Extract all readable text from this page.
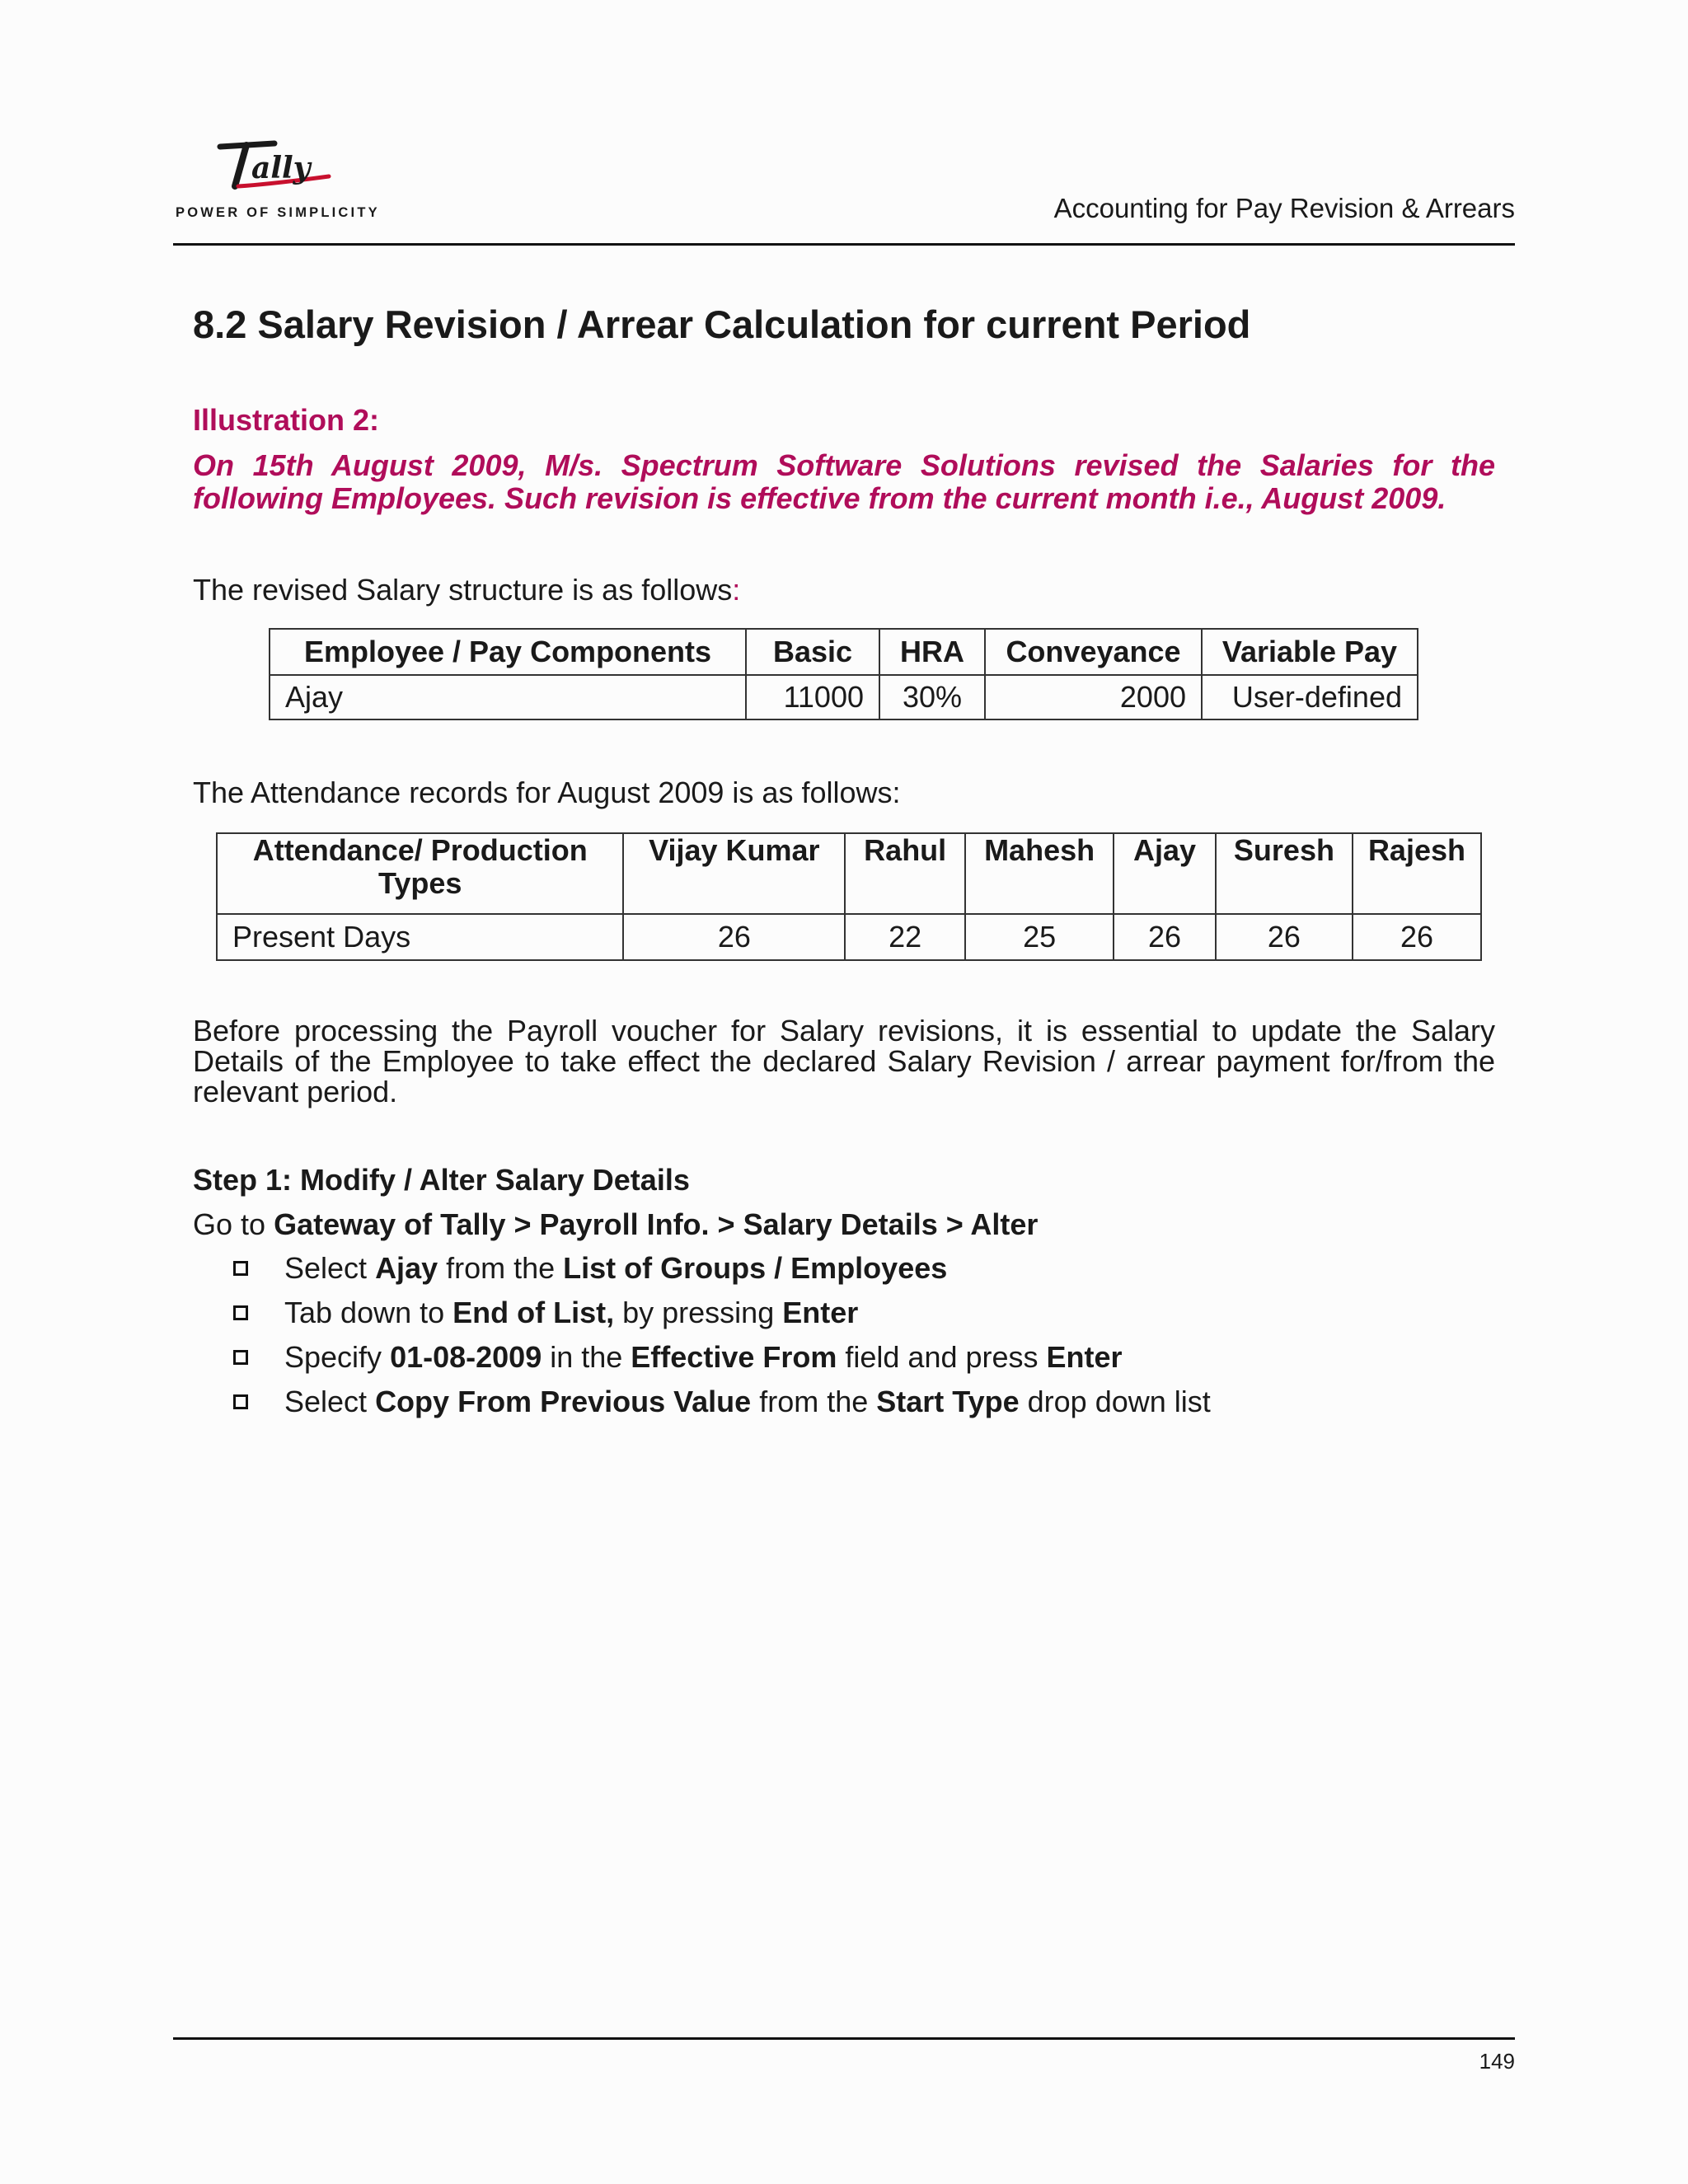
ally
POWER OF SIMPLICITY	Accounting for Pay Revision & Arrears
8.2 Salary Revision / Arrear Calculation for current Period
Illustration 2:
On 15th August 2009, M/s. Spectrum Software Solutions revised the Salaries for the following Employees. Such revision is effective from the current month i.e., August 2009.
The revised Salary structure is as follows:
Employee / Pay Components	Basic	HRA	Conveyance	Variable Pay
Ajay	11000	30%	2000	User-defined
The Attendance records for August 2009 is as follows:
Attendance/ Production Types	Vijay Kumar	Rahul	Mahesh	Ajay	Suresh	Rajesh
Present Days	26	22	25	26	26	26
Before processing the Payroll voucher for Salary revisions, it is essential to update the Salary Details of the Employee to take effect the declared Salary Revision / arrear payment for/from the relevant period.
Step 1: Modify / Alter Salary Details
Go to Gateway of Tally > Payroll Info. > Salary Details > Alter
Select Ajay from the List of Groups / Employees
Tab down to End of List, by pressing Enter
Specify 01-08-2009 in the Effective From field and press Enter
Select Copy From Previous Value from the Start Type drop down list
149
